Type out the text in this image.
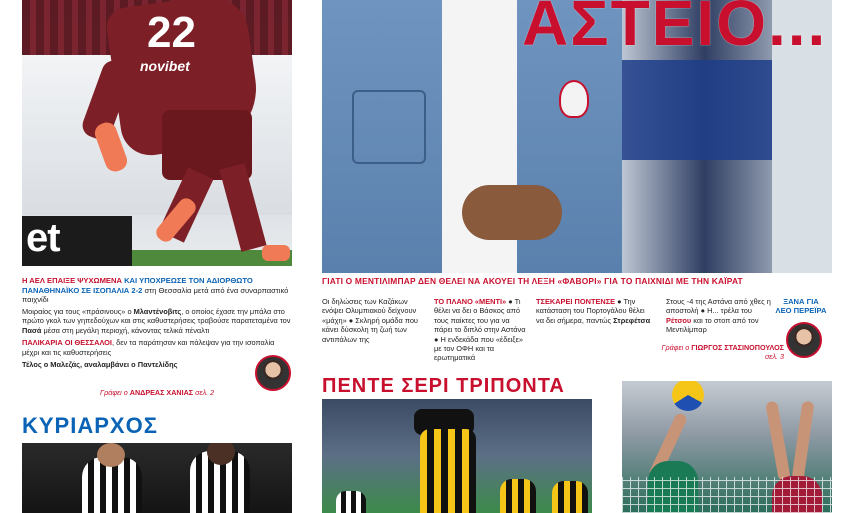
et
22
novibet
Η ΑΕΛ ΕΠΑΙΞΕ ΨΥΧΩΜΕΝΑ ΚΑΙ ΥΠΟΧΡΕΩΣΕ ΤΟΝ ΑΔΙΟΡΘΩΤΟ ΠΑΝΑΘΗΝΑΪΚΟ ΣΕ ΙΣΟΠΑΛΙΑ 2-2 στη Θεσσαλία μετά από ένα συναρπαστικό παιχνίδι

Μοιραίος για τους «πράσινους» ο Μλαντένοβιτς, ο οποίος έχασε την μπάλα στο πρώτο γκολ των γηπεδούχων και στις καθυστερήσεις τραβούσε παρατεταμένα τον Πασά μέσα στη μεγάλη περιοχή, κάνοντας τελικά πέναλτι

ΠΑΛΙΚΑΡΙΑ ΟΙ ΘΕΣΣΑΛΟΙ, δεν τα παράτησαν και πάλεψαν για την ισοπαλία μέχρι και τις καθυστερήσεις

Τέλος ο Μαλεζάς, αναλαμβάνει ο Παντελίδης

Γράφει ο ΑΝΔΡΕΑΣ ΧΑΝΙΑΣ σελ. 2
ΚΥΡΙΑΡΧΟΣ
ΑΣΤΕΙΟ...
ΓΙΑΤΙ Ο ΜΕΝΤΙΛΙΜΠΑΡ ΔΕΝ ΘΕΛΕΙ ΝΑ ΑΚΟΥΕΙ ΤΗ ΛΕΞΗ «ΦΑΒΟΡΙ» ΓΙΑ ΤΟ ΠΑΙΧΝΙΔΙ ΜΕ ΤΗΝ ΚΑΪΡΑΤ
Οι δηλώσεις των Καζάκων ενόψει Ολυμπιακού δείχνουν «μάχη» ● Σκληρή ομάδα που κάνει δύσκολη τη ζωή των αντιπάλων της
ΤΟ ΠΛΑΝΟ «ΜΕΝΤΙ» ● Τι θέλει να δει ο Βάσκος από τους παίκτες του για να πάρει το διπλό στην Αστάνα ● Η ενδεκάδα που «έδειξε» με τον ΟΦΗ και τα ερωτηματικά
ΤΣΕΚΑΡΕΙ ΠΟΝΤΕΝΣΕ ● Την κατάσταση του Πορτογάλου θέλει να δει σήμερα, παντώς Στρεφέτσα
Στους -4 της Αστάνα από χθες η αποστολή ● Η... τρέλα του Ρέτσου και το στοπ από τον Μεντιλίμπαρ
ΞΑΝΑ ΓΙΑ
ΛΕΟ ΠΕΡΕΪΡΑ
Γράφει ο ΓΙΩΡΓΟΣ ΣΤΑΣΙΝΟΠΟΥΛΟΣ σελ. 3
ΠΕΝΤΕ ΣΕΡΙ ΤΡΙΠΟΝΤΑ
